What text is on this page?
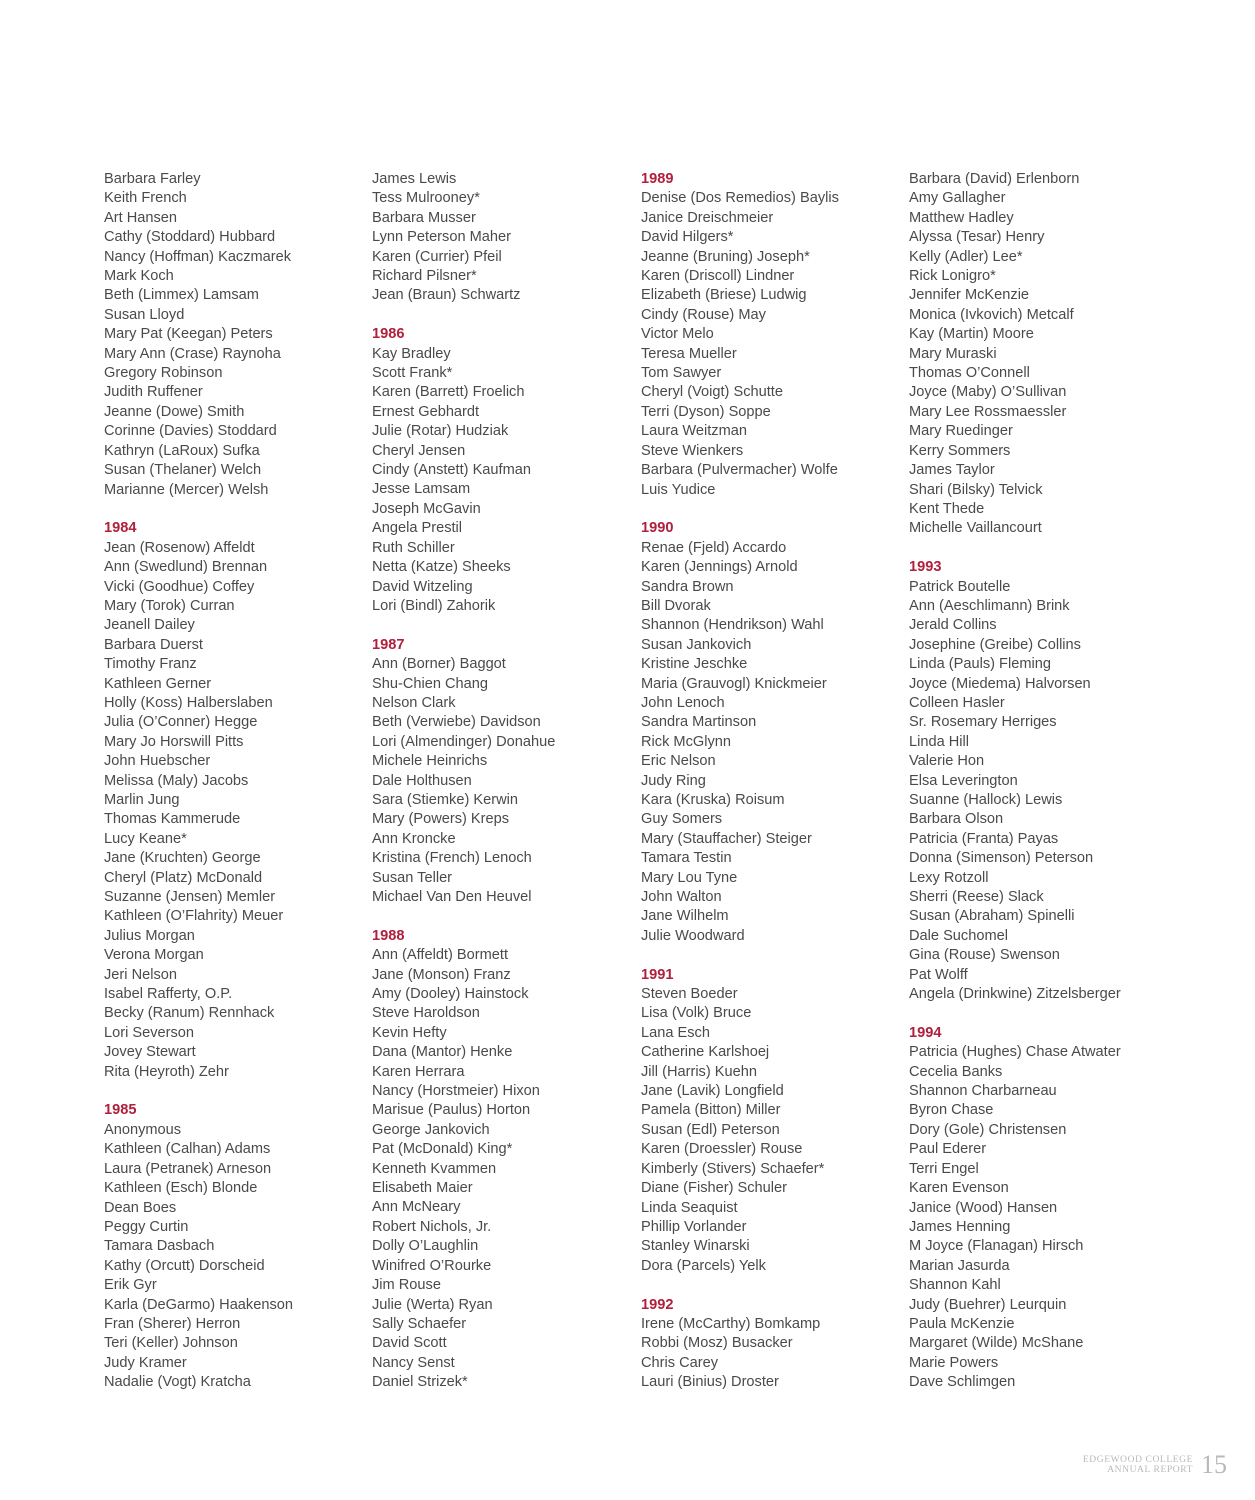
Barbara Farley
Keith French
Art Hansen
Cathy (Stoddard) Hubbard
Nancy (Hoffman) Kaczmarek
Mark Koch
Beth (Limmex) Lamsam
Susan Lloyd
Mary Pat (Keegan) Peters
Mary Ann (Crase) Raynoha
Gregory Robinson
Judith Ruffener
Jeanne (Dowe) Smith
Corinne (Davies) Stoddard
Kathryn (LaRoux) Sufka
Susan (Thelaner) Welch
Marianne (Mercer) Welsh
1984
Jean (Rosenow) Affeldt
Ann (Swedlund) Brennan
Vicki (Goodhue) Coffey
Mary (Torok) Curran
Jeanell Dailey
Barbara Duerst
Timothy Franz
Kathleen Gerner
Holly (Koss) Halberslaben
Julia (O’Conner) Hegge
Mary Jo Horswill Pitts
John Huebscher
Melissa (Maly) Jacobs
Marlin Jung
Thomas Kammerude
Lucy Keane*
Jane (Kruchten) George
Cheryl (Platz) McDonald
Suzanne (Jensen) Memler
Kathleen (O’Flahrity) Meuer
Julius Morgan
Verona Morgan
Jeri Nelson
Isabel Rafferty, O.P.
Becky (Ranum) Rennhack
Lori Severson
Jovey Stewart
Rita (Heyroth) Zehr
1985
Anonymous
Kathleen (Calhan) Adams
Laura (Petranek) Arneson
Kathleen (Esch) Blonde
Dean Boes
Peggy Curtin
Tamara Dasbach
Kathy (Orcutt) Dorscheid
Erik Gyr
Karla (DeGarmo) Haakenson
Fran (Sherer) Herron
Teri (Keller) Johnson
Judy Kramer
Nadalie (Vogt) Kratcha
James Lewis
Tess Mulrooney*
Barbara Musser
Lynn Peterson Maher
Karen (Currier) Pfeil
Richard Pilsner*
Jean (Braun) Schwartz
1986
Kay Bradley
Scott Frank*
Karen (Barrett) Froelich
Ernest Gebhardt
Julie (Rotar) Hudziak
Cheryl Jensen
Cindy (Anstett) Kaufman
Jesse Lamsam
Joseph McGavin
Angela Prestil
Ruth Schiller
Netta (Katze) Sheeks
David Witzeling
Lori (Bindl) Zahorik
1987
Ann (Borner) Baggot
Shu-Chien Chang
Nelson Clark
Beth (Verwiebe) Davidson
Lori (Almendinger) Donahue
Michele Heinrichs
Dale Holthusen
Sara (Stiemke) Kerwin
Mary (Powers) Kreps
Ann Kroncke
Kristina (French) Lenoch
Susan Teller
Michael Van Den Heuvel
1988
Ann (Affeldt) Bormett
Jane (Monson) Franz
Amy (Dooley) Hainstock
Steve Haroldson
Kevin Hefty
Dana (Mantor) Henke
Karen Herrara
Nancy (Horstmeier) Hixon
Marisue (Paulus) Horton
George Jankovich
Pat (McDonald) King*
Kenneth Kvammen
Elisabeth Maier
Ann McNeary
Robert Nichols, Jr.
Dolly O’Laughlin
Winifred O’Rourke
Jim Rouse
Julie (Werta) Ryan
Sally Schaefer
David Scott
Nancy Senst
Daniel Strizek*
1989
Denise (Dos Remedios) Baylis
Janice Dreischmeier
David Hilgers*
Jeanne (Bruning) Joseph*
Karen (Driscoll) Lindner
Elizabeth (Briese) Ludwig
Cindy (Rouse) May
Victor Melo
Teresa Mueller
Tom Sawyer
Cheryl (Voigt) Schutte
Terri (Dyson) Soppe
Laura Weitzman
Steve Wienkers
Barbara (Pulvermacher) Wolfe
Luis Yudice
1990
Renae (Fjeld) Accardo
Karen (Jennings) Arnold
Sandra Brown
Bill Dvorak
Shannon (Hendrikson) Wahl
Susan Jankovich
Kristine Jeschke
Maria (Grauvogl) Knickmeier
John Lenoch
Sandra Martinson
Rick McGlynn
Eric Nelson
Judy Ring
Kara (Kruska) Roisum
Guy Somers
Mary (Stauffacher) Steiger
Tamara Testin
Mary Lou Tyne
John Walton
Jane Wilhelm
Julie Woodward
1991
Steven Boeder
Lisa (Volk) Bruce
Lana Esch
Catherine Karlshoej
Jill (Harris) Kuehn
Jane (Lavik) Longfield
Pamela (Bitton) Miller
Susan (Edl) Peterson
Karen (Droessler) Rouse
Kimberly (Stivers) Schaefer*
Diane (Fisher) Schuler
Linda Seaquist
Phillip Vorlander
Stanley Winarski
Dora (Parcels) Yelk
1992
Irene (McCarthy) Bomkamp
Robbi (Mosz) Busacker
Chris Carey
Lauri (Binius) Droster
Barbara (David) Erlenborn
Amy Gallagher
Matthew Hadley
Alyssa (Tesar) Henry
Kelly (Adler) Lee*
Rick Lonigro*
Jennifer McKenzie
Monica (Ivkovich) Metcalf
Kay (Martin) Moore
Mary Muraski
Thomas O’Connell
Joyce (Maby) O’Sullivan
Mary Lee Rossmaessler
Mary Ruedinger
Kerry Sommers
James Taylor
Shari (Bilsky) Telvick
Kent Thede
Michelle Vaillancourt
1993
Patrick Boutelle
Ann (Aeschlimann) Brink
Jerald Collins
Josephine (Greibe) Collins
Linda (Pauls) Fleming
Joyce (Miedema) Halvorsen
Colleen Hasler
Sr. Rosemary Herriges
Linda Hill
Valerie Hon
Elsa Leverington
Suanne (Hallock) Lewis
Barbara Olson
Patricia (Franta) Payas
Donna (Simenson) Peterson
Lexy Rotzoll
Sherri (Reese) Slack
Susan (Abraham) Spinelli
Dale Suchomel
Gina (Rouse) Swenson
Pat Wolff
Angela (Drinkwine) Zitzelsberger
1994
Patricia (Hughes) Chase Atwater
Cecelia Banks
Shannon Charbarneau
Byron Chase
Dory (Gole) Christensen
Paul Ederer
Terri Engel
Karen Evenson
Janice (Wood) Hansen
James Henning
M Joyce (Flanagan) Hirsch
Marian Jasurda
Shannon Kahl
Judy (Buehrer) Leurquin
Paula McKenzie
Margaret (Wilde) McShane
Marie Powers
Dave Schlimgen
EDGEWOOD COLLEGE
ANNUAL REPORT 15
